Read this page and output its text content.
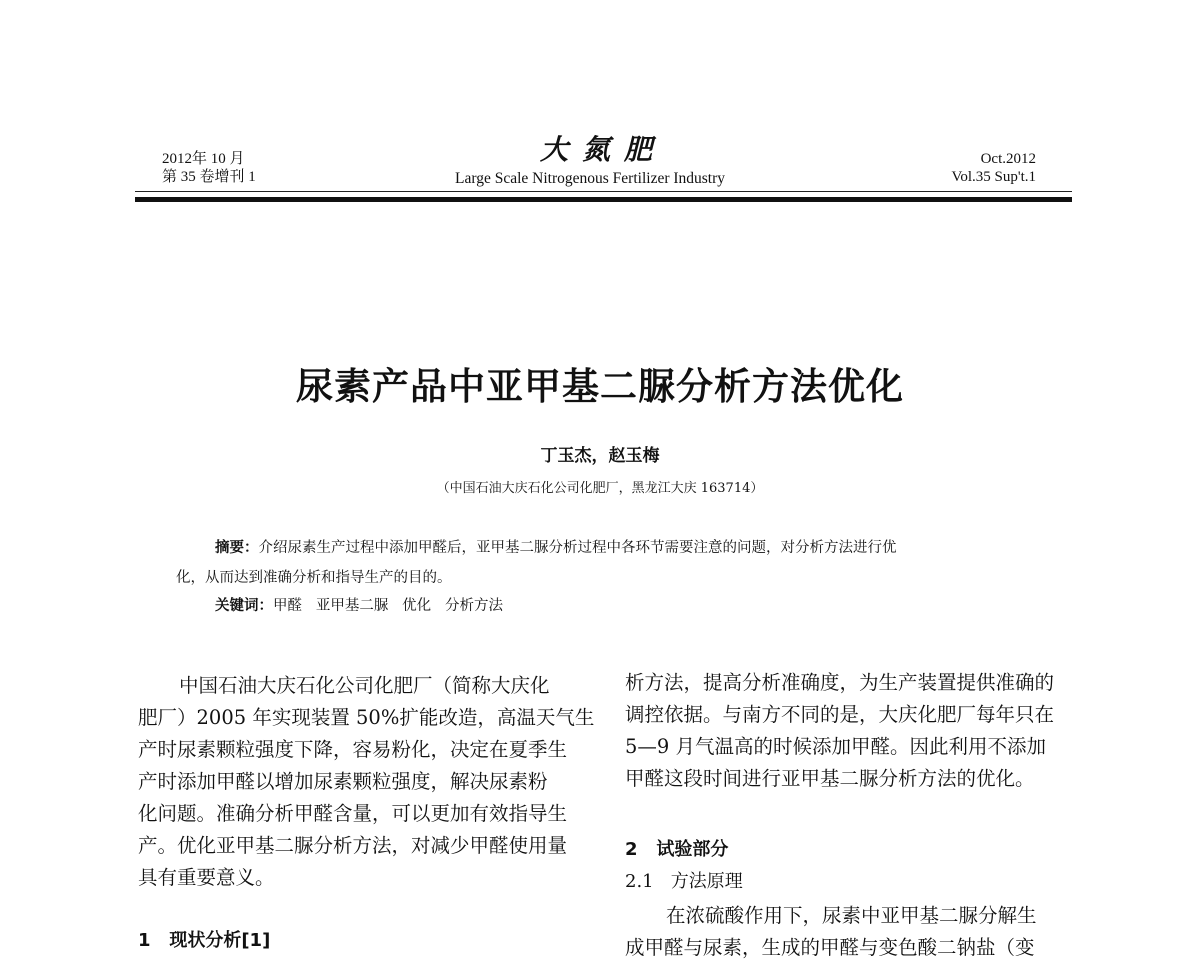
2012年 10 月
第 35 卷增刊 1
大氮肥
Large Scale Nitrogenous Fertilizer Industry
Oct.2012
Vol.35 Sup't.1
尿素产品中亚甲基二脲分析方法优化
丁玉杰，赵玉梅
（中国石油大庆石化公司化肥厂，黑龙江大庆 163714）
摘要：介绍尿素生产过程中添加甲醛后，亚甲基二脲分析过程中各环节需要注意的问题，对分析方法进行优
化，从而达到准确分析和指导生产的目的。
关键词：甲醛   亚甲基二脲   优化   分析方法
中国石油大庆石化公司化肥厂（简称大庆化
肥厂）2005 年实现装置 50%扩能改造，高温天气生
产时尿素颗粒强度下降，容易粉化，决定在夏季生
产时添加甲醛以增加尿素颗粒强度，解决尿素粉
化问题。准确分析甲醛含量，可以更加有效指导生
产。优化亚甲基二脲分析方法，对减少甲醛使用量
具有重要意义。
1   现状分析[1]
析方法，提高分析准确度，为生产装置提供准确的
调控依据。与南方不同的是，大庆化肥厂每年只在
5—9 月气温高的时候添加甲醛。因此利用不添加
甲醛这段时间进行亚甲基二脲分析方法的优化。
2   试验部分
2.1   方法原理
在浓硫酸作用下，尿素中亚甲基二脲分解生
成甲醛与尿素，生成的甲醛与变色酸二钠盐（变
